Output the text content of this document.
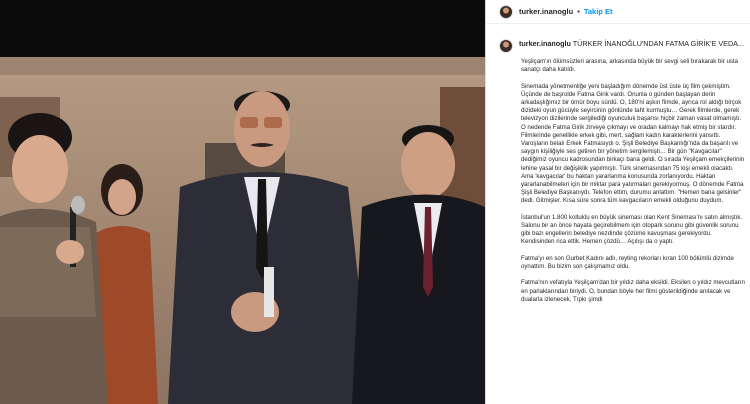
turker.inanoglu • Takip Et
turker.inanoglu TÜRKER İNANOĞLU'NDAN FATMA GİRİK'E VEDA...

Yeşilçam'ın ölümsüzleri arasına, arkasında büyük bir sevgi seli bırakarak bir usta sanatçı daha katıldı.

Sinemada yönetmenliğe yeni başladığım dönemde üst üste üç film çekmiştim. Üçünde de başrolde Fatma Girik vardı. Onunla o günden başlayan derin arkadaşlığımız bir ömür boyu sürdü. O, 180'ni aşkın filmde, ayrıca rol aldığı birçok dizideki oyun gücüyle seyircinin gönlünde taht kurmuştu… Gerek filmlerde, gerek televizyon dizilerinde sergilediği oyunculuk başarısı hiçbir zaman vasat olmamıştı. O nedende Fatma Girik zirveye çıkmayı ve oradan kalmayı hak etmiş bir stardır. Filmlerinde genellikle erkek gibi, mert, sağlam kadın karakterlerini yansıttı. Varoşların belalı Erkek Fatmasıydı o. Şişli Belediye Başkanlığı'nda da başarılı ve saygın kişiliğiyle ses getiren bir yönetim sergilemişti… Bir gün "Kavgacılar" dediğimiz oyuncu kadrosundan birkaçı bana geldi. O sırada Yeşilçam emekçilerinin lehine yasal bir değişiklik yapılmıştı. Türk sinemasından 75 kişi emekli olacaktı. Ama 'kavgacılar' bu haktan yararlanma konusunda zorlanıyordu. Haktan yararlanabilmeleri için bir miktar para yatırmaları gerekiyormuş. O dönemde Fatma Şişli Belediye Başkanıydı. Telefon ettim, durumu anlattım. "Hemen bana gelsinler" dedi. Gitmişler. Kısa süre sonra tüm kavgacıların emekli olduğunu duydum.

İstanbul'un 1.800 koltuklu en büyük sineması olan Kent Sineması'nı satın almıştık. Salonu bir an önce hayata geçirebilmem için otopark sorunu gibi güvenlik sorunu gibi bazı engellerin belediye nezdinde çözüme kavuşması gerekiyordu. Kendisinden rica ettik. Hemen çözdü… Açılışı da o yaptı.

Fatma'yı en son Gurbet Kadını adlı, reyting rekorları kıran 100 bölümlü dizimde oynattım. Bu bizim son çalışmamız oldu.

Fatma'nın vefatıyla Yeşilçam'dan bir yıldız daha eksildi. Eksilen o yıldız mevcutların en parlaklarından biriydi. O, bundan böyle her filmi gösterildiğinde anılacak ve dualarla izlenecek. Tıpkı şimdi
